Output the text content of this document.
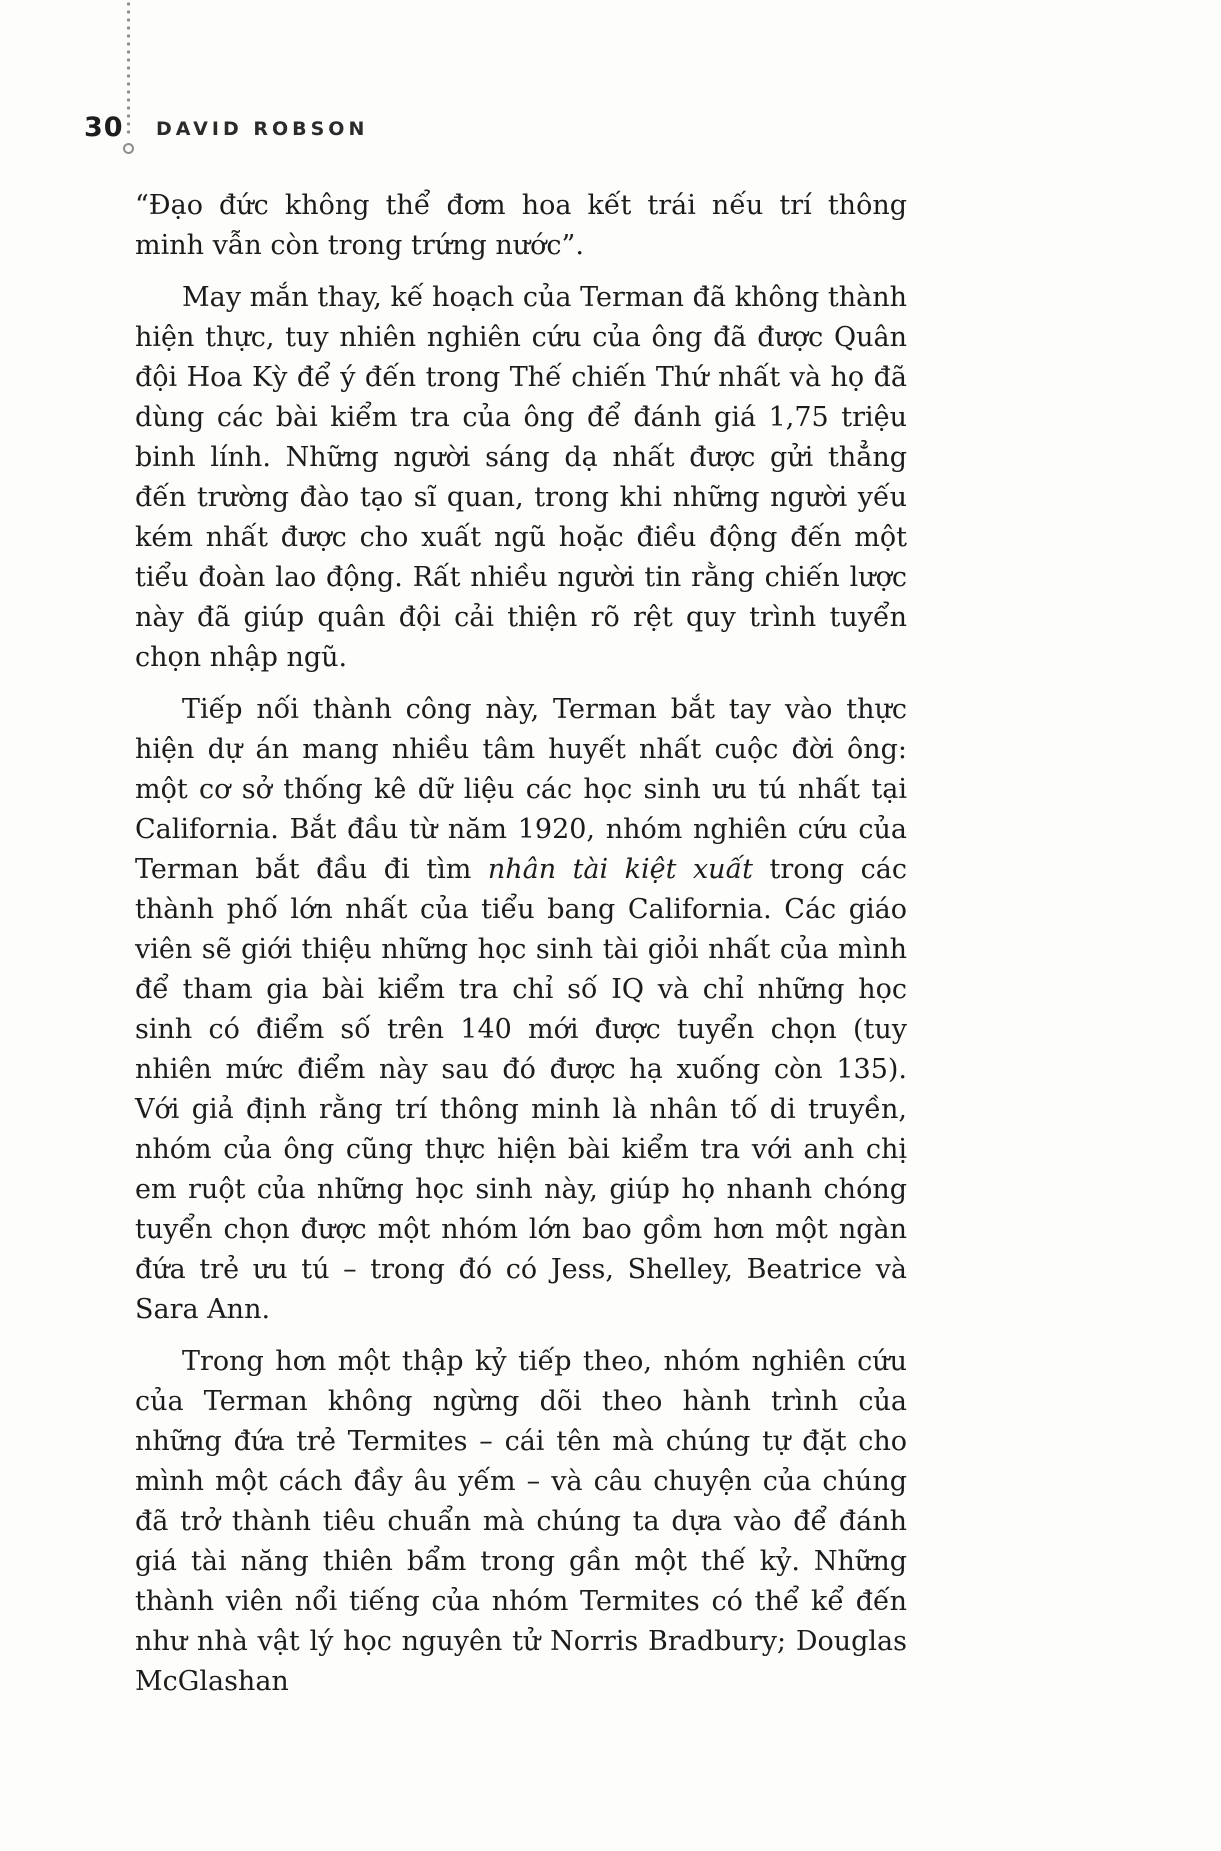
30 DAVID ROBSON

“Đạo đức không thể đơm hoa kết trái nếu trí thông minh vẫn còn trong trứng nước”.

May mắn thay, kế hoạch của Terman đã không thành hiện thực, tuy nhiên nghiên cứu của ông đã được Quân đội Hoa Kỳ để ý đến trong Thế chiến Thứ nhất và họ đã dùng các bài kiểm tra của ông để đánh giá 1,75 triệu binh lính. Những người sáng dạ nhất được gửi thẳng đến trường đào tạo sĩ quan, trong khi những người yếu kém nhất được cho xuất ngũ hoặc điều động đến một tiểu đoàn lao động. Rất nhiều người tin rằng chiến lược này đã giúp quân đội cải thiện rõ rệt quy trình tuyển chọn nhập ngũ.

Tiếp nối thành công này, Terman bắt tay vào thực hiện dự án mang nhiều tâm huyết nhất cuộc đời ông: một cơ sở thống kê dữ liệu các học sinh ưu tú nhất tại California. Bắt đầu từ năm 1920, nhóm nghiên cứu của Terman bắt đầu đi tìm nhân tài kiệt xuất trong các thành phố lớn nhất của tiểu bang California. Các giáo viên sẽ giới thiệu những học sinh tài giỏi nhất của mình để tham gia bài kiểm tra chỉ số IQ và chỉ những học sinh có điểm số trên 140 mới được tuyển chọn (tuy nhiên mức điểm này sau đó được hạ xuống còn 135). Với giả định rằng trí thông minh là nhân tố di truyền, nhóm của ông cũng thực hiện bài kiểm tra với anh chị em ruột của những học sinh này, giúp họ nhanh chóng tuyển chọn được một nhóm lớn bao gồm hơn một ngàn đứa trẻ ưu tú – trong đó có Jess, Shelley, Beatrice và Sara Ann.

Trong hơn một thập kỷ tiếp theo, nhóm nghiên cứu của Terman không ngừng dõi theo hành trình của những đứa trẻ Termites – cái tên mà chúng tự đặt cho mình một cách đầy âu yếm – và câu chuyện của chúng đã trở thành tiêu chuẩn mà chúng ta dựa vào để đánh giá tài năng thiên bẩm trong gần một thế kỷ. Những thành viên nổi tiếng của nhóm Termites có thể kể đến như nhà vật lý học nguyên tử Norris Bradbury; Douglas McGlashan
